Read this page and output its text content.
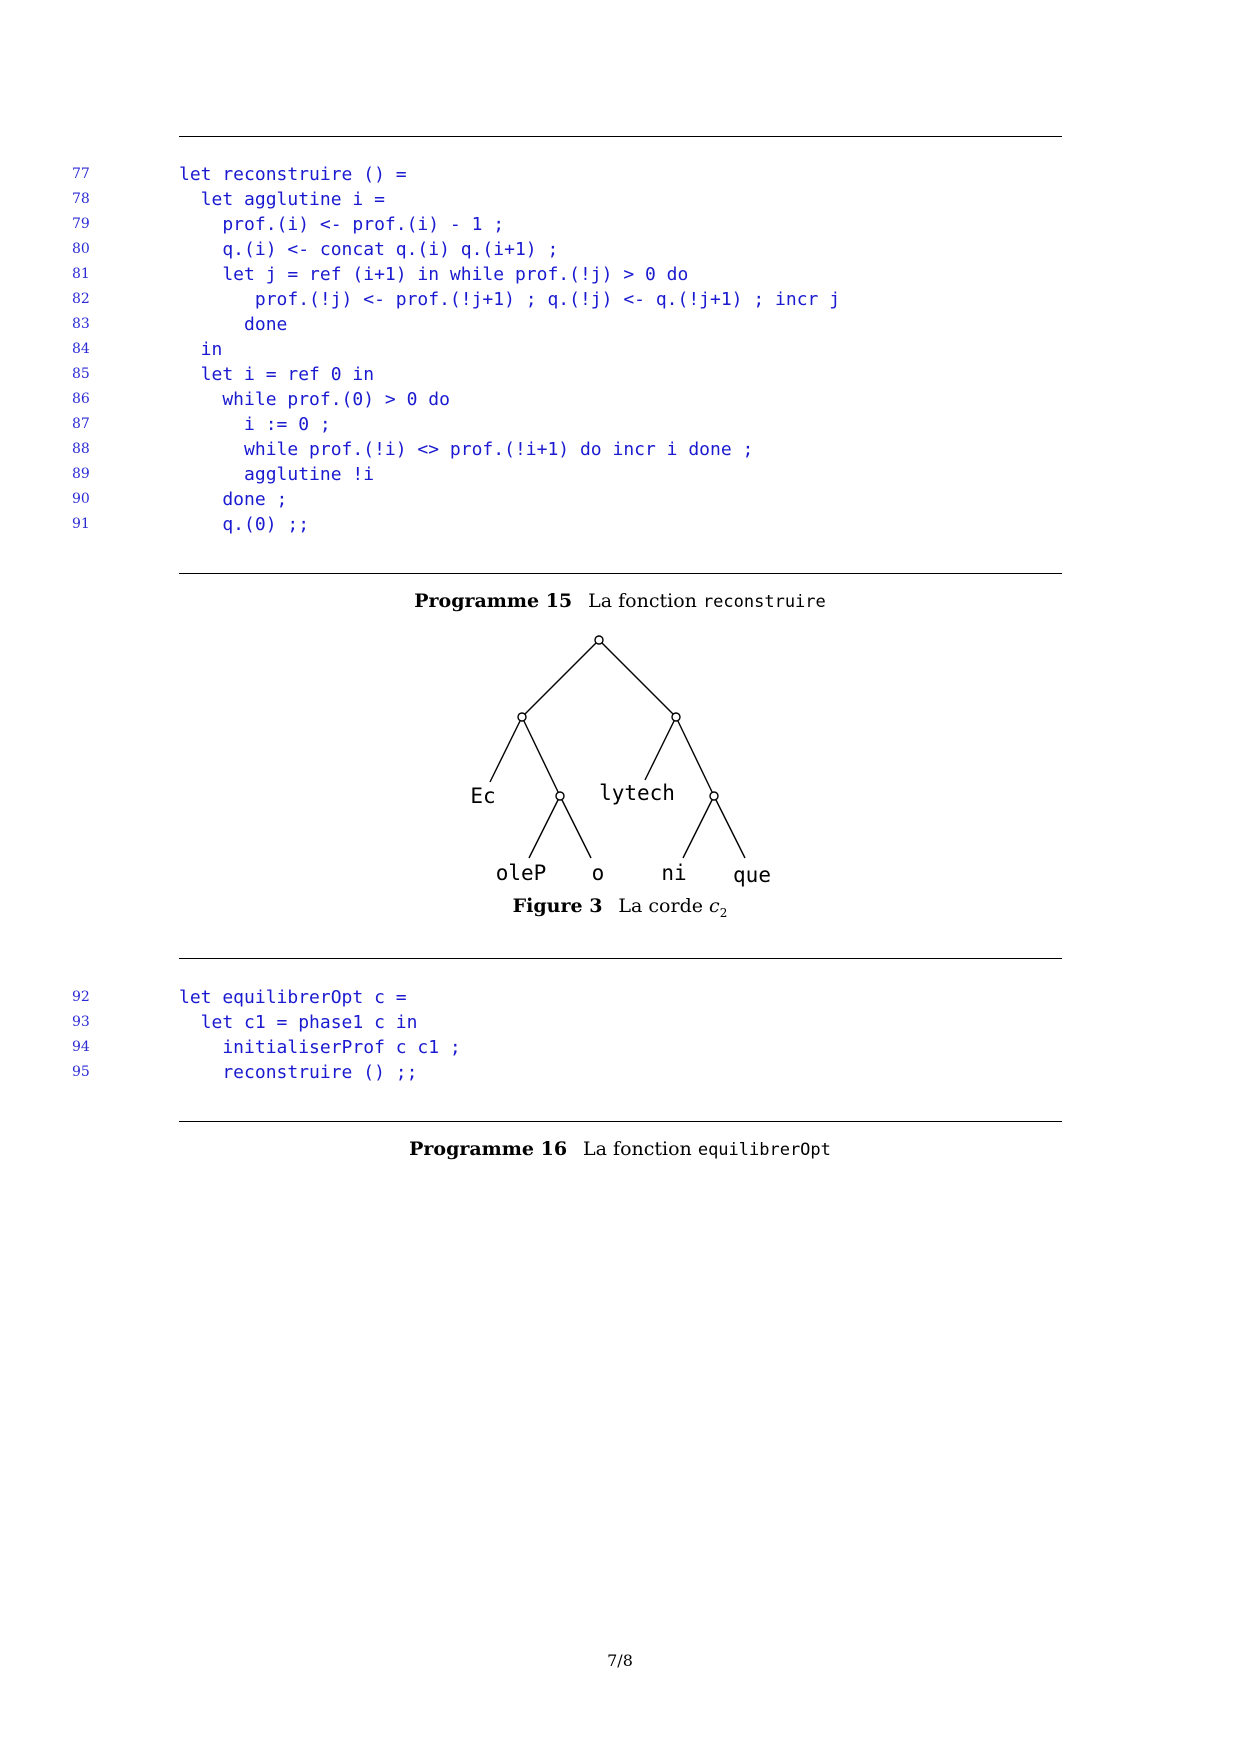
77	let reconstruire () =
78	let agglutine i =
79	prof.(i) <- prof.(i) - 1 ;
80	q.(i) <- concat q.(i) q.(i+1) ;
81	let j = ref (i+1) in while prof.(!j) > 0 do
82	prof.(!j) <- prof.(!j+1) ; q.(!j) <- q.(!j+1) ; incr j
83	done
84	in
85	let i = ref 0 in
86	while prof.(0) > 0 do
87	i := 0 ;
88	while prof.(!i) <> prof.(!i+1) do incr i done ;
89	agglutine !i
90	done ;
91	q.(0) ;;
Programme 15 La fonction reconstruire
Ec	lytech
oleP o	ni que
Figure 3 La corde $c_2$
92	let equilibrerOpt c =
93	let c1 = phase1 c in
94	initialiserProf c c1 ;
95	reconstruire () ;;
Programme 16 La fonction equilibrerOpt
7/8
